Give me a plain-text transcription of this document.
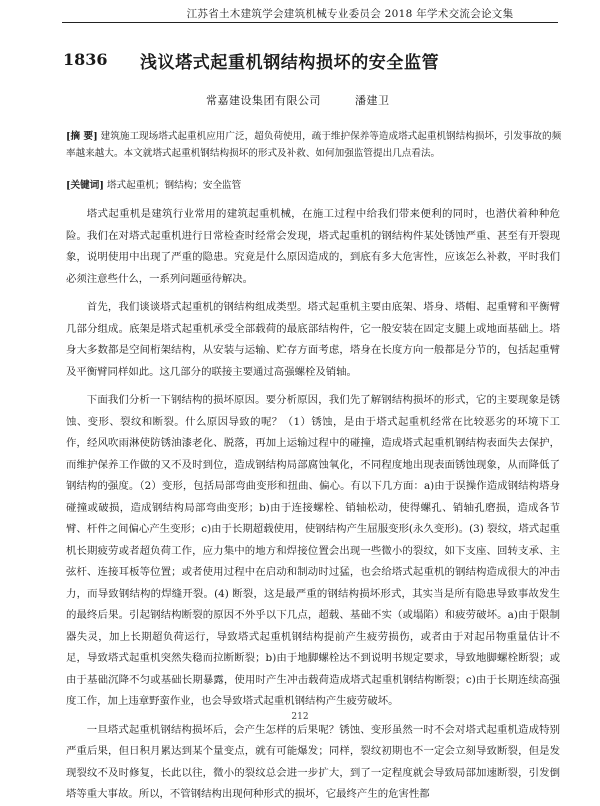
江苏省土木建筑学会建筑机械专业委员会 2018 年学术交流会论文集
1836 浅议塔式起重机钢结构损坏的安全监管
常嘉建设集团有限公司	潘建卫
[摘 要] 建筑施工现场塔式起重机应用广泛，超负荷使用，疏于维护保养等造成塔式起重机钢结构损坏，引发事故的频率越来越大。本文就塔式起重机钢结构损坏的形式及补救、如何加强监管提出几点看法。
[关键词] 塔式起重机；钢结构；安全监管

塔式起重机是建筑行业常用的建筑起重机械，在施工过程中给我们带来便利的同时，也潜伏着种种危险。我们在对塔式起重机进行日常检查时经常会发现，塔式起重机的钢结构件某处锈蚀严重、甚至有开裂现象，说明使用中出现了严重的隐患。究竟是什么原因造成的，到底有多大危害性，应该怎么补救，平时我们必须注意些什么，一系列问题亟待解决。

首先，我们谈谈塔式起重机的钢结构组成类型。塔式起重机主要由底架、塔身、塔帽、起重臂和平衡臂几部分组成。底架是塔式起重机承受全部载荷的最底部结构件，它一般安装在固定支腿上或地面基础上。塔身大多数都是空间桁架结构，从安装与运输、贮存方面考虑，塔身在长度方向一般都是分节的，包括起重臂及平衡臂同样如此。这几部分的联接主要通过高强螺栓及销轴。

下面我们分析一下钢结构的损坏原因。要分析原因，我们先了解钢结构损坏的形式，它的主要现象是锈蚀、变形、裂纹和断裂。什么原因导致的呢？（1）锈蚀，是由于塔式起重机经常在比较恶劣的环境下工作，经风吹雨淋使防锈油漆老化、脱落，再加上运输过程中的碰撞，造成塔式起重机钢结构表面失去保护，而维护保养工作做的又不及时到位，造成钢结构局部腐蚀氧化，不同程度地出现表面锈蚀现象，从而降低了钢结构的强度。（2）变形，包括局部弯曲变形和扭曲、偏心。有以下几方面：a)由于误操作造成钢结构塔身碰撞或破损，造成钢结构局部弯曲变形；b)由于连接螺栓、销轴松动，使得螺孔、销轴孔磨损，造成各节臂、杆件之间偏心产生变形；c)由于长期超载使用，使钢结构产生屈服变形(永久变形)。(3) 裂纹，塔式起重机长期疲劳或者超负荷工作，应力集中的地方和焊接位置会出现一些微小的裂纹，如下支座、回转支承、主弦杆、连接耳板等位置；或者使用过程中在启动和制动时过猛，也会给塔式起重机的钢结构造成很大的冲击力，而导致钢结构的焊缝开裂。(4) 断裂，这是最严重的钢结构损坏形式，其实当是所有隐患导致事故发生的最终后果。引起钢结构断裂的原因不外乎以下几点，超载、基础不实（或塌陷）和疲劳破坏。a)由于限制器失灵，加上长期超负荷运行，导致塔式起重机钢结构提前产生疲劳损伤，或者由于对起吊物重量估计不足，导致塔式起重机突然失稳而拉断断裂；b)由于地脚螺栓达不到说明书规定要求，导致地脚螺栓断裂；或由于基础沉降不匀或基础长期暴露，使用时产生冲击载荷造成塔式起重机钢结构断裂；c)由于长期连续高强度工作，加上违章野蛮作业，也会导致塔式起重机钢结构产生疲劳破坏。

一旦塔式起重机钢结构损坏后，会产生怎样的后果呢？锈蚀、变形虽然一时不会对塔式起重机造成特别严重后果，但日积月累达到某个量变点，就有可能爆发；同样，裂纹初期也不一定会立刻导致断裂，但是发现裂纹不及时修复，长此以往，微小的裂纹总会进一步扩大，到了一定程度就会导致局部加速断裂，引发倒塔等重大事故。所以，不管钢结构出现何种形式的损坏，它最终产生的危害性都

212
